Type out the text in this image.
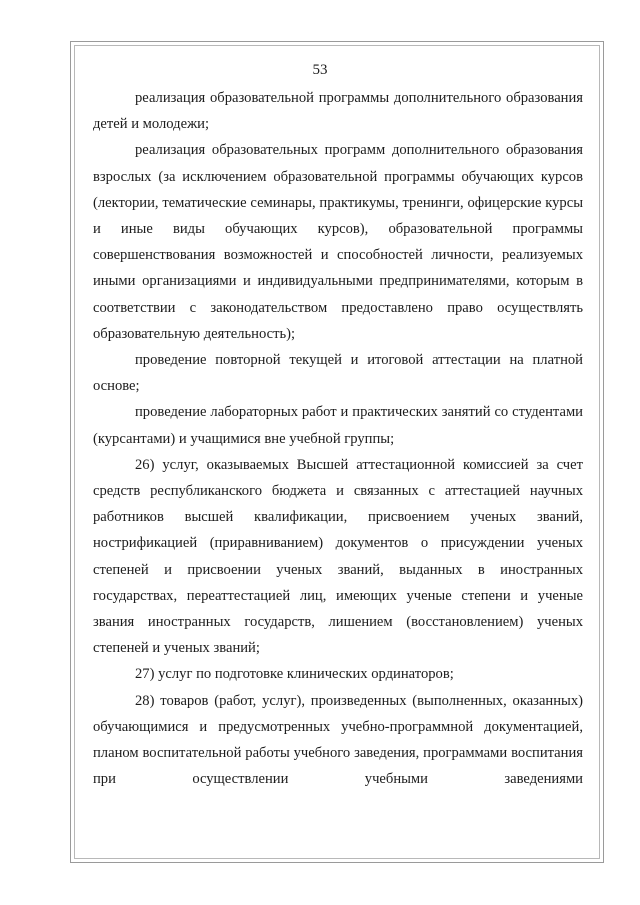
53

реализация образовательной программы дополнительного образования детей и молодежи;

реализация образовательных программ дополнительного образования взрослых (за исключением образовательной программы обучающих курсов (лектории, тематические семинары, практикумы, тренинги, офицерские курсы и иные виды обучающих курсов), образовательной программы совершенствования возможностей и способностей личности, реализуемых иными организациями и индивидуальными предпринимателями, которым в соответствии с законодательством предоставлено право осуществлять образовательную деятельность);

проведение повторной текущей и итоговой аттестации на платной основе;

проведение лабораторных работ и практических занятий со студентами (курсантами) и учащимися вне учебной группы;

26) услуг, оказываемых Высшей аттестационной комиссией за счет средств республиканского бюджета и связанных с аттестацией научных работников высшей квалификации, присвоением ученых званий, нострификацией (приравниванием) документов о присуждении ученых степеней и присвоении ученых званий, выданных в иностранных государствах, переаттестацией лиц, имеющих ученые степени и ученые звания иностранных государств, лишением (восстановлением) ученых степеней и ученых званий;

27) услуг по подготовке клинических ординаторов;

28) товаров (работ, услуг), произведенных (выполненных, оказанных) обучающимися и предусмотренных учебно-программной документацией, планом воспитательной работы учебного заведения, программами воспитания при осуществлении учебными заведениями
